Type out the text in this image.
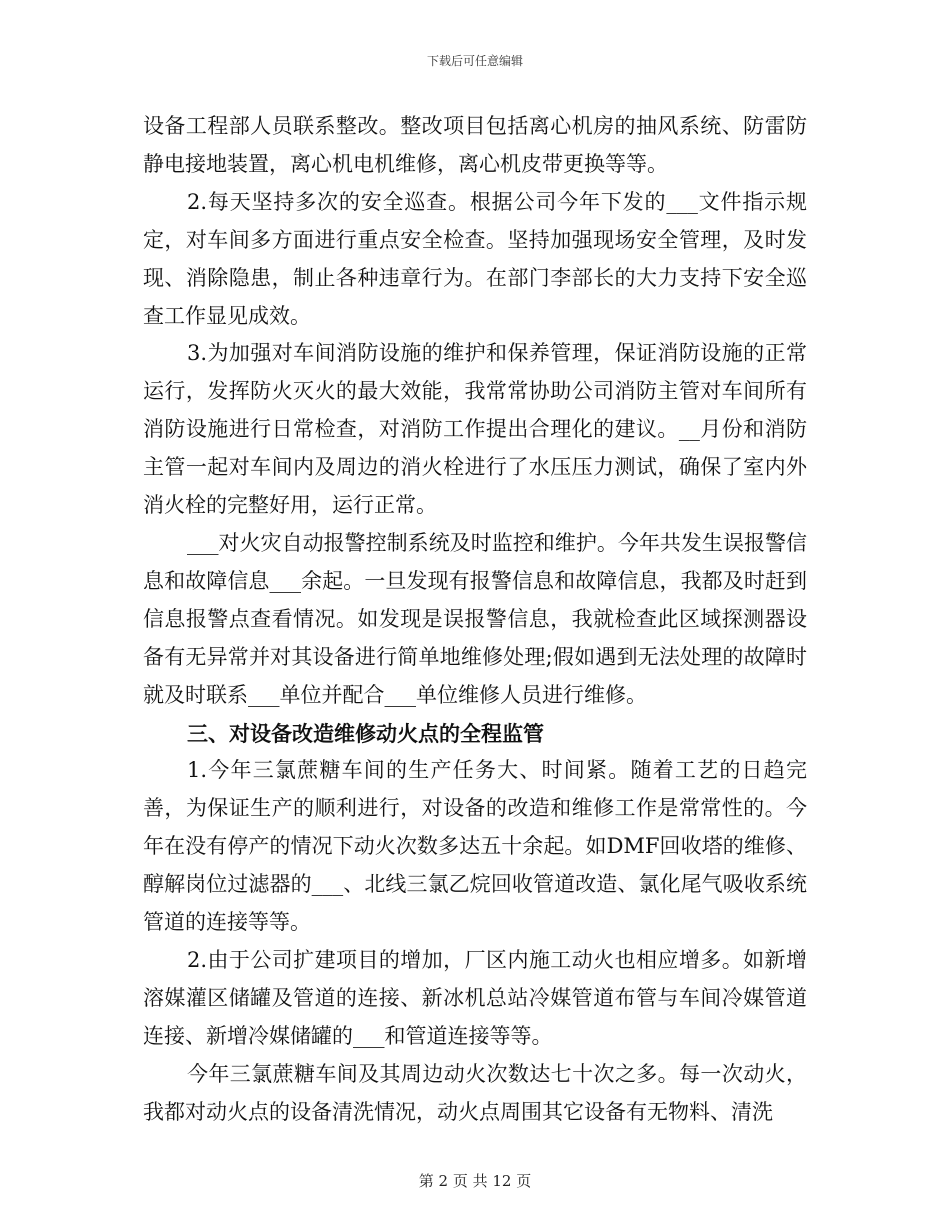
下载后可任意编辑

设备工程部人员联系整改。整改项目包括离心机房的抽风系统、防雷防静电接地装置，离心机电机维修，离心机皮带更换等等。

2.每天坚持多次的安全巡查。根据公司今年下发的___文件指示规定，对车间多方面进行重点安全检查。坚持加强现场安全管理，及时发现、消除隐患，制止各种违章行为。在部门李部长的大力支持下安全巡查工作显见成效。

3.为加强对车间消防设施的维护和保养管理，保证消防设施的正常运行，发挥防火灭火的最大效能，我常常协助公司消防主管对车间所有消防设施进行日常检查，对消防工作提出合理化的建议。__月份和消防主管一起对车间内及周边的消火栓进行了水压压力测试，确保了室内外消火栓的完整好用，运行正常。

___对火灾自动报警控制系统及时监控和维护。今年共发生误报警信息和故障信息___余起。一旦发现有报警信息和故障信息，我都及时赶到信息报警点查看情况。如发现是误报警信息，我就检查此区域探测器设备有无异常并对其设备进行简单地维修处理;假如遇到无法处理的故障时就及时联系___单位并配合___单位维修人员进行维修。

三、对设备改造维修动火点的全程监管

1.今年三氯蔗糖车间的生产任务大、时间紧。随着工艺的日趋完善，为保证生产的顺利进行，对设备的改造和维修工作是常常性的。今年在没有停产的情况下动火次数多达五十余起。如DMF回收塔的维修、醇解岗位过滤器的___、北线三氯乙烷回收管道改造、氯化尾气吸收系统管道的连接等等。

2.由于公司扩建项目的增加，厂区内施工动火也相应增多。如新增溶媒灌区储罐及管道的连接、新冰机总站冷媒管道布管与车间冷媒管道连接、新增冷媒储罐的___和管道连接等等。

今年三氯蔗糖车间及其周边动火次数达七十次之多。每一次动火，我都对动火点的设备清洗情况，动火点周围其它设备有无物料、清洗

第 2 页 共 12 页
